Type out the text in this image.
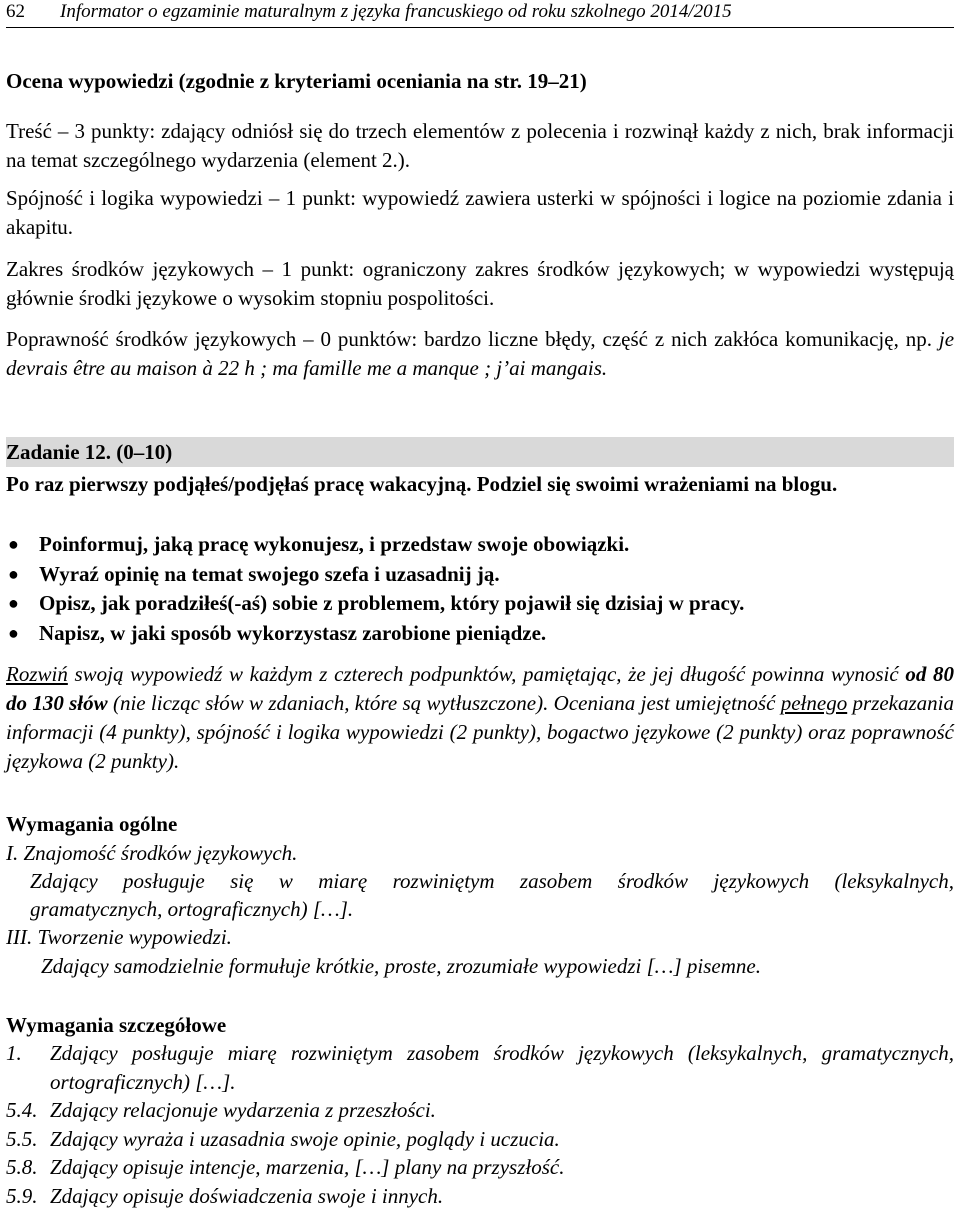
62 Informator o egzaminie maturalnym z języka francuskiego od roku szkolnego 2014/2015
Ocena wypowiedzi (zgodnie z kryteriami oceniania na str. 19–21)
Treść – 3 punkty: zdający odniósł się do trzech elementów z polecenia i rozwinął każdy z nich, brak informacji na temat szczególnego wydarzenia (element 2.).
Spójność i logika wypowiedzi – 1 punkt: wypowiedź zawiera usterki w spójności i logice na poziomie zdania i akapitu.
Zakres środków językowych – 1 punkt: ograniczony zakres środków językowych; w wypowiedzi występują głównie środki językowe o wysokim stopniu pospolitości.
Poprawność środków językowych – 0 punktów: bardzo liczne błędy, część z nich zakłóca komunikację, np. je devrais être au maison à 22 h ; ma famille me a manque ; j’ai mangais.
Zadanie 12. (0–10)
Po raz pierwszy podjąłeś/podjęłaś pracę wakacyjną. Podziel się swoimi wrażeniami na blogu.
● Poinformuj, jaką pracę wykonujesz, i przedstaw swoje obowiązki.
● Wyraź opinię na temat swojego szefa i uzasadnij ją.
● Opisz, jak poradziłeś(-aś) sobie z problemem, który pojawił się dzisiaj w pracy.
● Napisz, w jaki sposób wykorzystasz zarobione pieniądze.
Rozwiń swoją wypowiedź w każdym z czterech podpunktów, pamiętając, że jej długość powinna wynosić od 80 do 130 słów (nie licząc słów w zdaniach, które są wytłuszczone). Oceniana jest umiejętność pełnego przekazania informacji (4 punkty), spójność i logika wypowiedzi (2 punkty), bogactwo językowe (2 punkty) oraz poprawność językowa (2 punkty).
Wymagania ogólne
I. Znajomość środków językowych.
Zdający posługuje się w miarę rozwiniętym zasobem środków językowych (leksykalnych,
gramatycznych, ortograficznych) […].
III. Tworzenie wypowiedzi.
Zdający samodzielnie formułuje krótkie, proste, zrozumiałe wypowiedzi […] pisemne.
Wymagania szczegółowe
1. Zdający posługuje miarę rozwiniętym zasobem środków językowych (leksykalnych, gramatycznych, ortograficznych) […].
5.4. Zdający relacjonuje wydarzenia z przeszłości.
5.5. Zdający wyraża i uzasadnia swoje opinie, poglądy i uczucia.
5.8. Zdający opisuje intencje, marzenia, […] plany na przyszłość.
5.9. Zdający opisuje doświadczenia swoje i innych.
